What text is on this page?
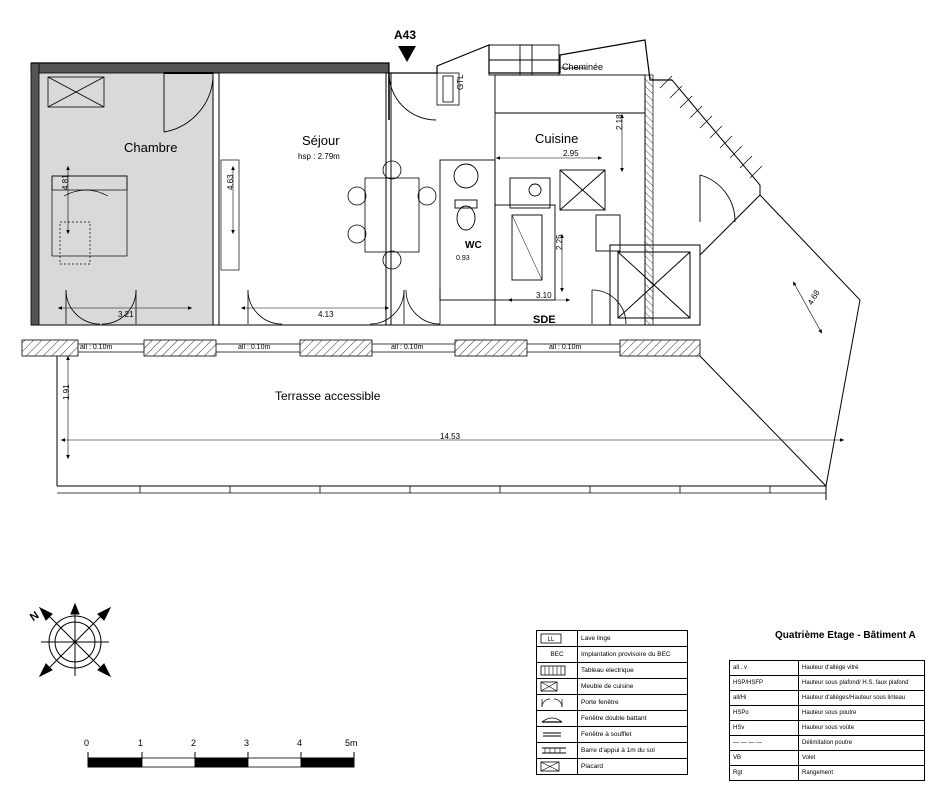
A43
Chambre	Séjour
hsp : 2.79m
Cuisine
WC
0.93
SDE
Cheminée
Terrasse accessible
3.21
4.81
4.13
4.63
2.95
2.18
2.25
3.10
14.53
1.91
4.68
GTL
all : 0.10m	all : 0.10m	all : 0.10m	all : 0.10m
0	1	2	3	4	5m
N
LL	Lave linge
BEC	Implantation provisoire du BEC

	Tableau electrique

	Meuble de cuisine

	Porte fenêtre

	Fenêtre double battant

	Fenêtre à soufflet

	Barre d'appui à 1m du sol

	Placard
Quatrième Etage - Bâtiment A
all . v	Hauteur d'allège vitré
HSP/HSFP	Hauteur sous plafond/ H.S. faux plafond
all/Hi	Hauteur d'allèges/Hauteur sous linteau
HSPo	Hauteur sous poutre
HSv	Hauteur sous voûte
— — — —	Délimitation poutre
VB	Volet
Rgt	Rangement
